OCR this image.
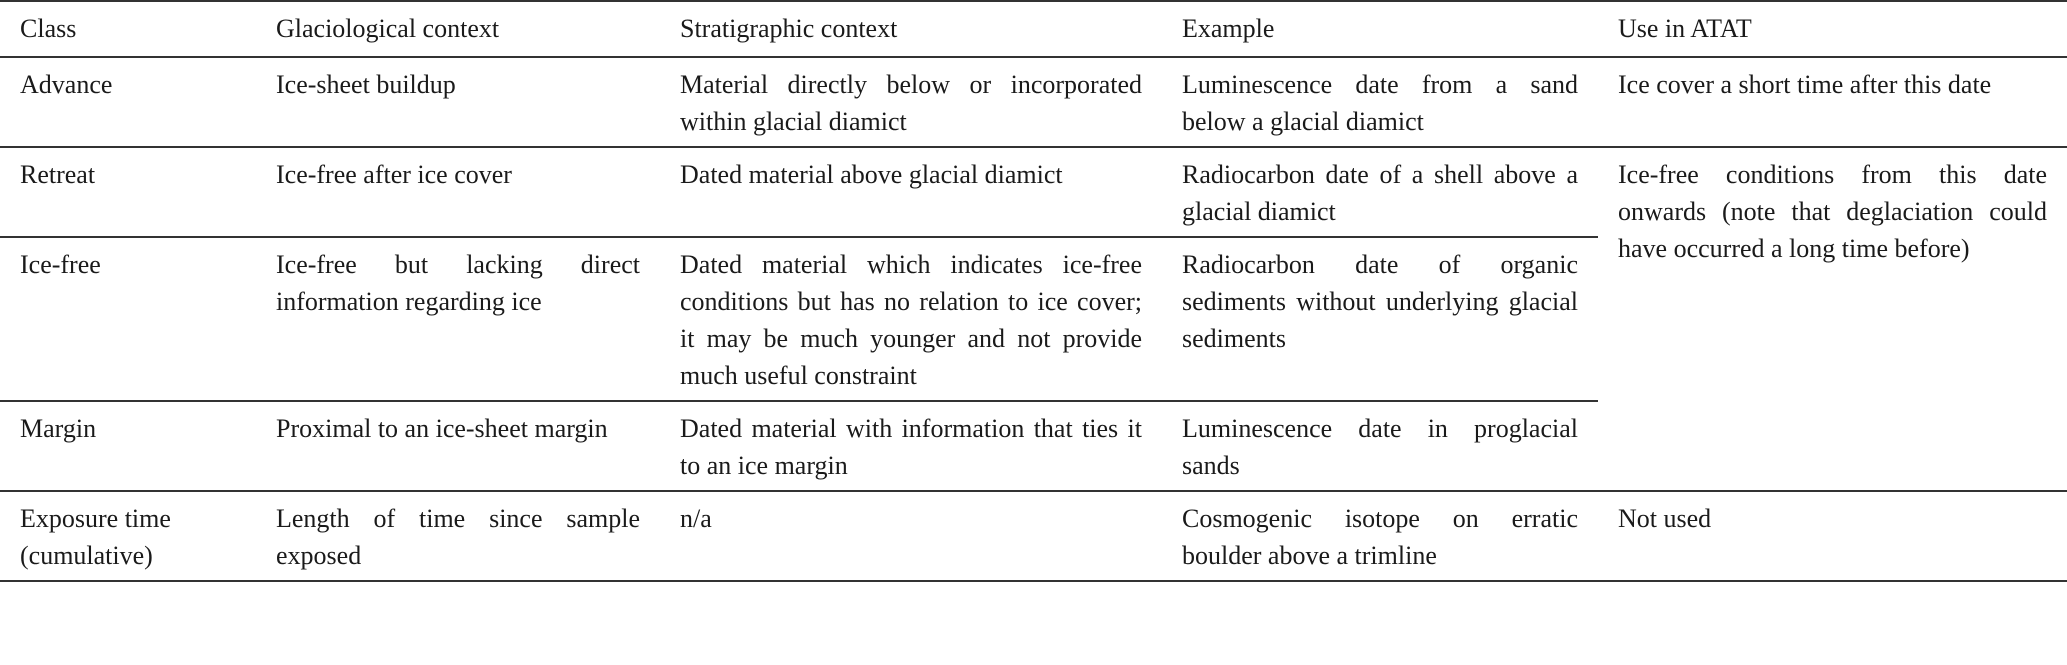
Class	Glaciological context	Stratigraphic context	Example	Use in ATAT
Advance	Ice-sheet buildup	Material directly below or incorporated within glacial diamict	Luminescence date from a sand below a glacial diamict	Ice cover a short time after this date
Retreat	Ice-free after ice cover	Dated material above glacial diamict	Radiocarbon date of a shell above a glacial diamict	Ice-free conditions from this date onwards (note that deglaciation could have occurred a long time before)
Ice-free	Ice-free but lacking direct information regarding ice	Dated material which indicates ice-free conditions but has no relation to ice cover; it may be much younger and not provide much useful constraint	Radiocarbon date of organic sediments without underlying glacial sediments	
Margin	Proximal to an ice-sheet margin	Dated material with information that ties it to an ice margin	Luminescence date in proglacial sands	
Exposure time (cumulative)	Length of time since sample exposed	n/a	Cosmogenic isotope on erratic boulder above a trimline	Not used
